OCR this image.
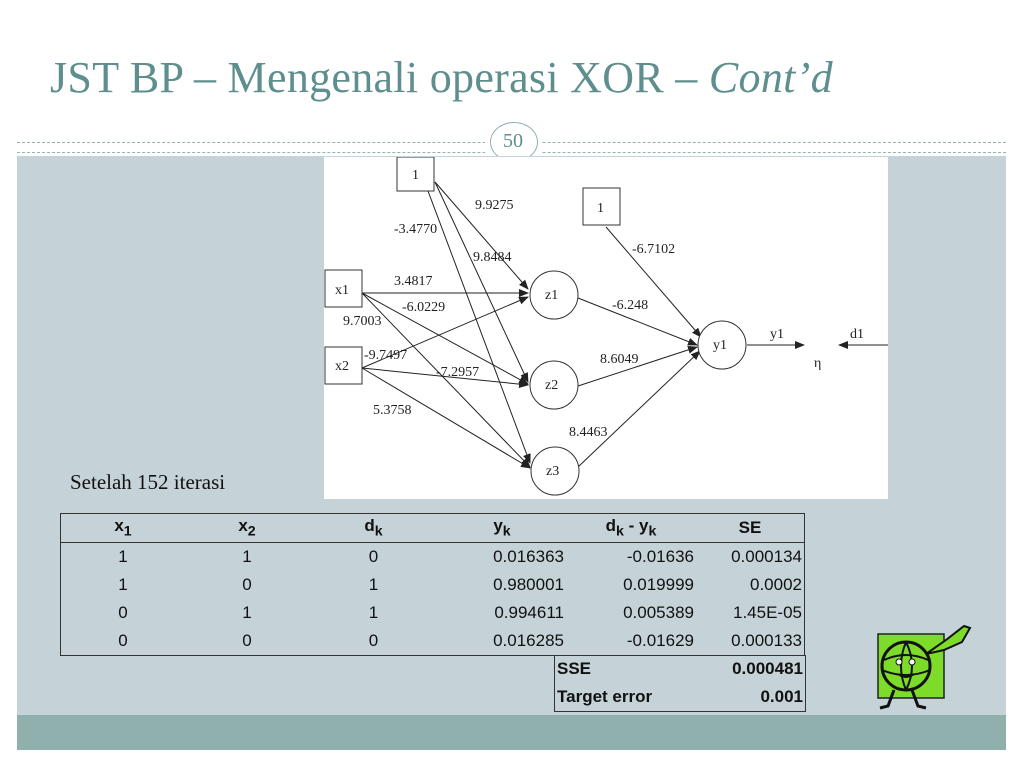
JST BP – Mengenali operasi XOR – Cont’d
50
1
1
x1
x2
z1
z2
z3
y1
y1	d1
η
9.9275
9.8484
-3.4770
3.4817
-6.0229
9.7003
-9.7497
-7.2957
5.3758
-6.7102
-6.248
8.6049
8.4463
Setelah 152 iterasi
$x_1$	$x_2$	$d_k$	$y_k$	$d_k - y_k$	SE
1	1	0	0.016363	-0.01636	0.000134
1	0	1	0.980001	0.019999	0.0002
0	1	1	0.994611	0.005389	1.45E-05
0	0	0	0.016285	-0.01629	0.000133
SSE	0.000481
Target error	0.001
